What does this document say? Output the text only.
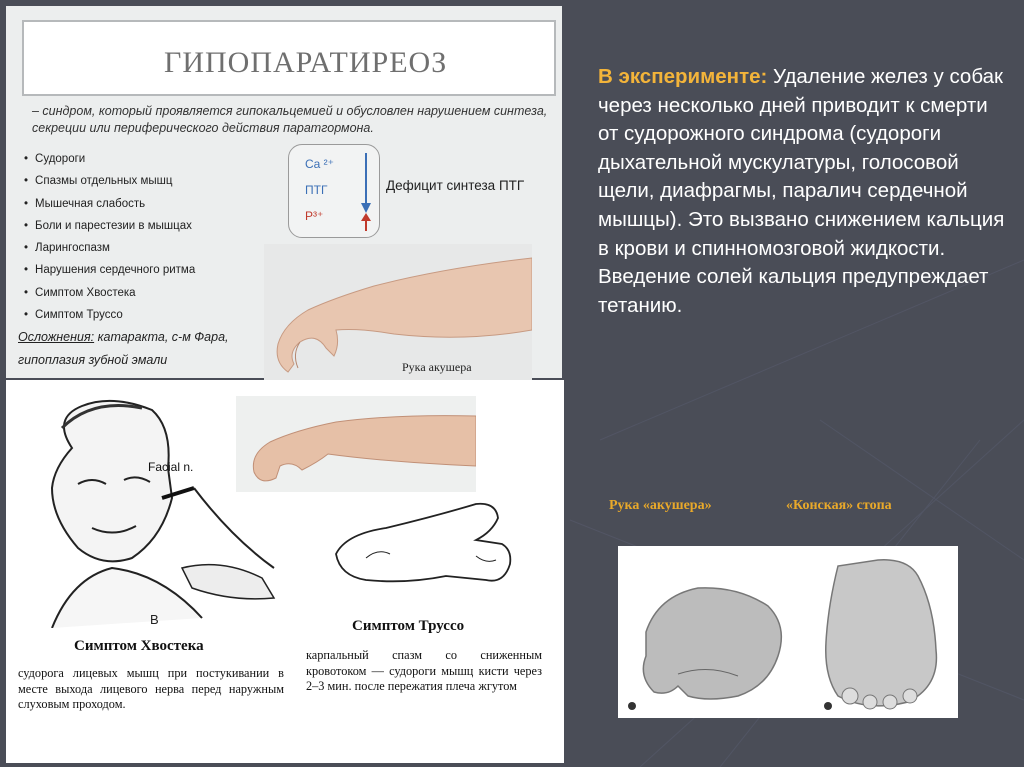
ГИПОПАРАТИРЕОЗ
– синдром, который проявляется гипокальцемией и обусловлен нарушением синтеза, секреции или периферического действия паратгормона.
• Судороги
• Спазмы отдельных мышц
• Мышечная слабость
• Боли и парестезии в мышцах
• Ларингоспазм
• Нарушения сердечного ритма
• Симптом Хвостека
• Симптом Труссо
Осложнения: катаракта, с-м Фара,
гипоплазия зубной эмали
Ca ²⁺
ПТГ
P³⁺
Дефицит синтеза ПТГ
Рука акушера
Facial n.
B
Симптом Хвостека
судорога лицевых мышц при постукивании в месте выхода лицевого нерва перед наружным слуховым проходом.
Симптом Труссо
карпальный спазм со сниженным кровотоком — судороги мышц кисти через 2–3 мин. после пережатия плеча жгутом
В эксперименте: Удаление желез у собак через несколько дней приводит к смерти от судорожного синдрома (судороги дыхательной мускулатуры, голосовой щели, диафрагмы, паралич сердечной мышцы). Это вызвано снижением кальция в крови и спинномозговой жидкости. Введение солей кальция предупреждает тетанию.
Рука «акушера»	«Конская» стопа
